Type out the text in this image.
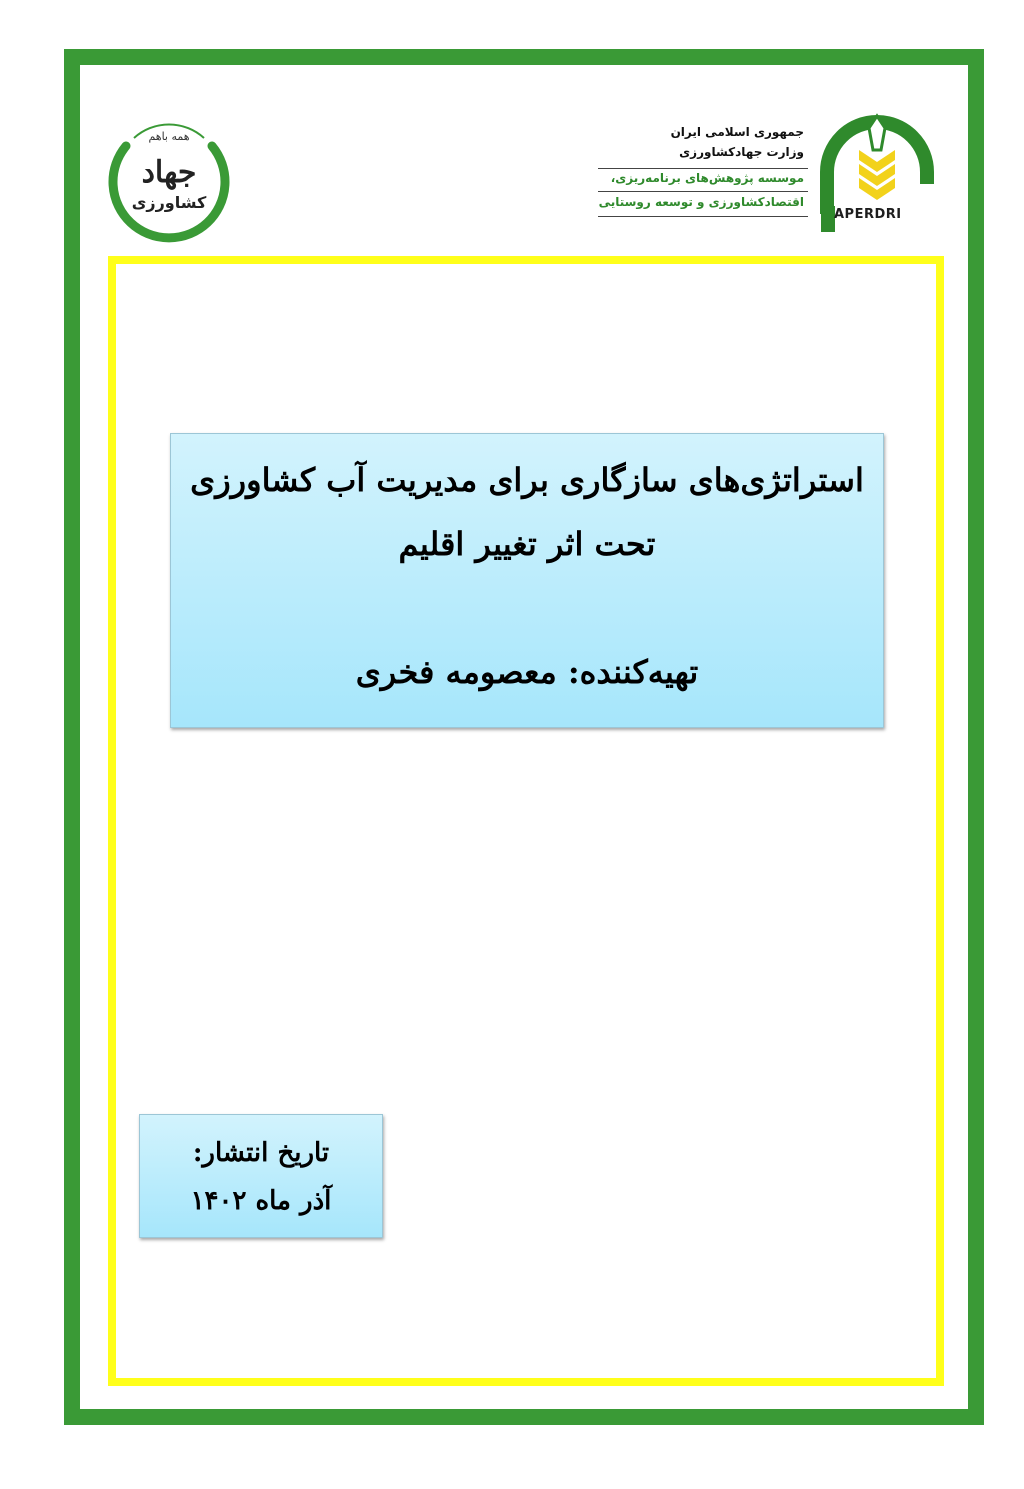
همه باهم
جهاد
کشاورزی
۱۳۵۸
جمهوری اسلامی ایران
وزارت جهادکشاورزی
موسسه پژوهش‌های برنامه‌ریزی،
اقتصادکشاورزی و توسعه روستایی
APERDRI
استراتژی‌های سازگاری برای مدیریت آب کشاورزی
تحت اثر تغییر اقلیم
تهیه‌کننده: معصومه فخری
تاریخ انتشار:
آذر ماه ۱۴۰۲
